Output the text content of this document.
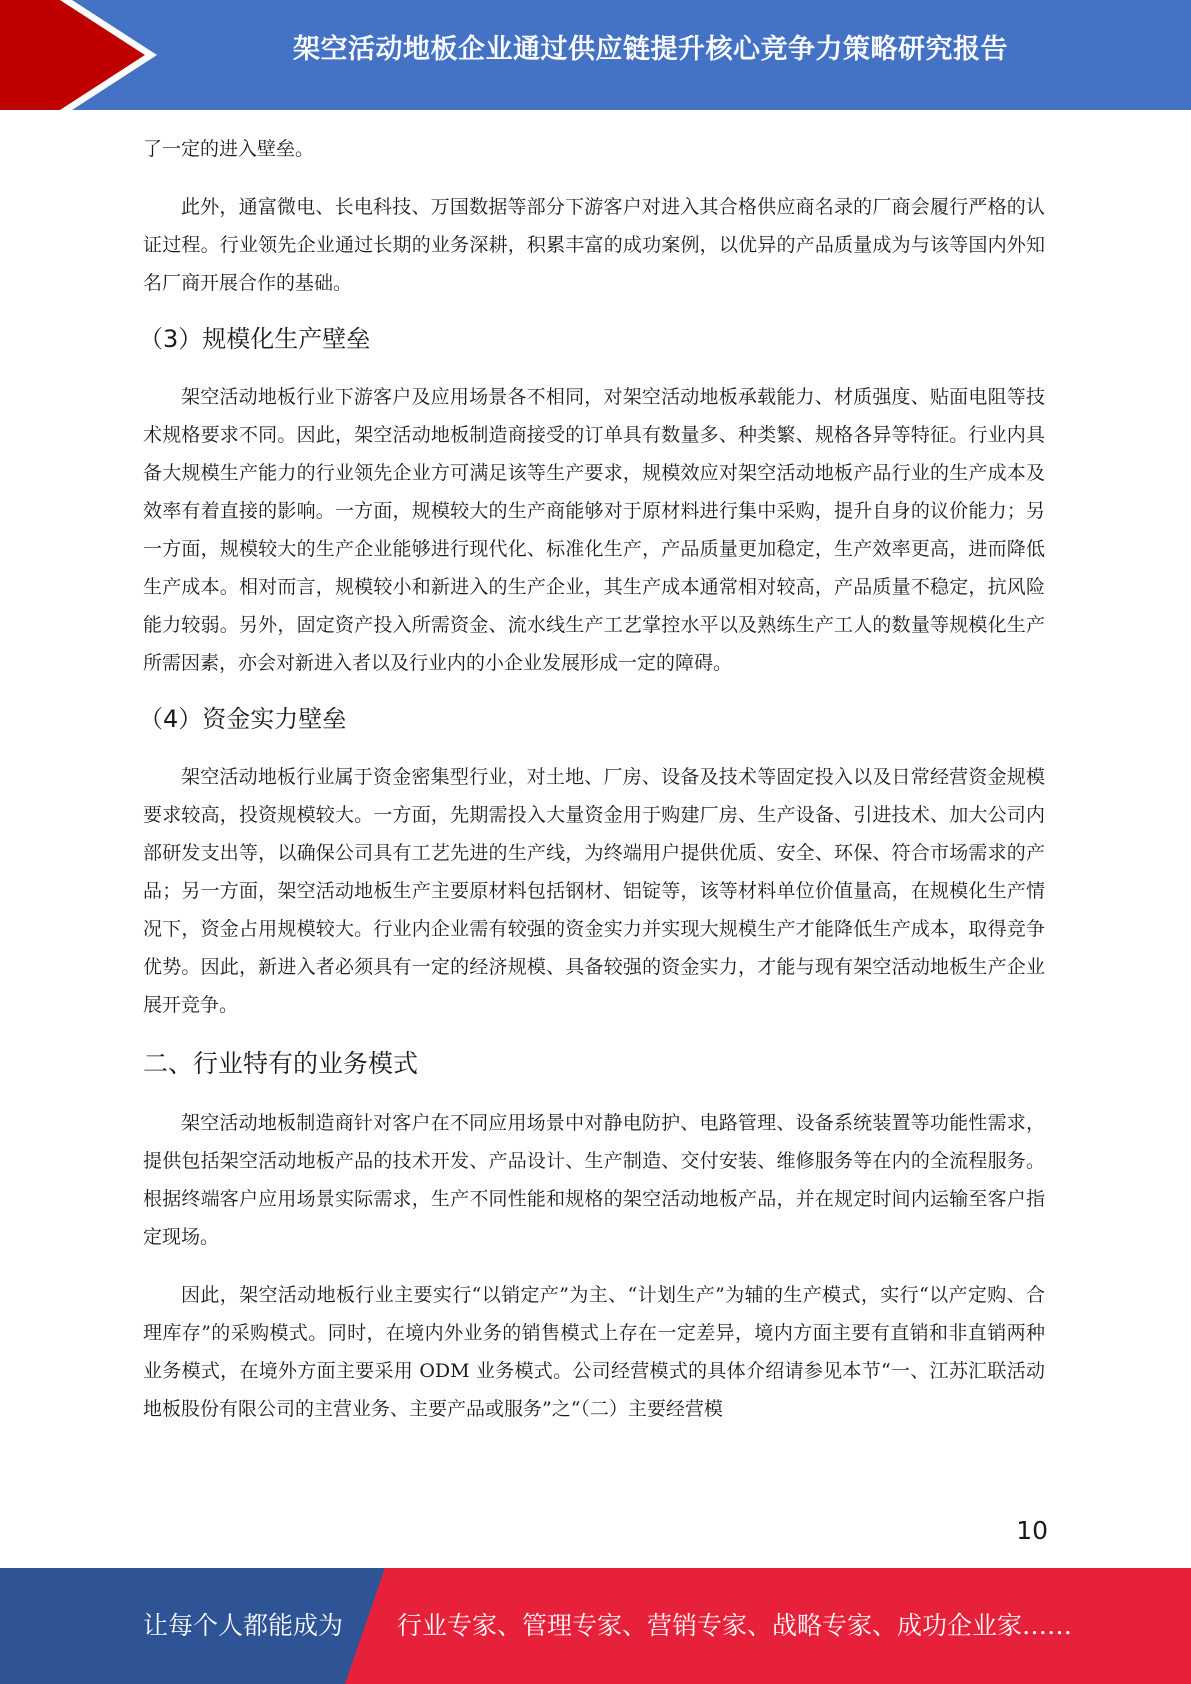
架空活动地板企业通过供应链提升核心竞争力策略研究报告

了一定的进入壁垒。

此外，通富微电、长电科技、万国数据等部分下游客户对进入其合格供应商名录的厂商会履行严格的认证过程。行业领先企业通过长期的业务深耕，积累丰富的成功案例，以优异的产品质量成为与该等国内外知名厂商开展合作的基础。

（3）规模化生产壁垒

架空活动地板行业下游客户及应用场景各不相同，对架空活动地板承载能力、材质强度、贴面电阻等技术规格要求不同。因此，架空活动地板制造商接受的订单具有数量多、种类繁、规格各异等特征。行业内具备大规模生产能力的行业领先企业方可满足该等生产要求，规模效应对架空活动地板产品行业的生产成本及效率有着直接的影响。一方面，规模较大的生产商能够对于原材料进行集中采购，提升自身的议价能力；另一方面，规模较大的生产企业能够进行现代化、标准化生产，产品质量更加稳定，生产效率更高，进而降低生产成本。相对而言，规模较小和新进入的生产企业，其生产成本通常相对较高，产品质量不稳定，抗风险能力较弱。另外，固定资产投入所需资金、流水线生产工艺掌控水平以及熟练生产工人的数量等规模化生产所需因素，亦会对新进入者以及行业内的小企业发展形成一定的障碍。

（4）资金实力壁垒

架空活动地板行业属于资金密集型行业，对土地、厂房、设备及技术等固定投入以及日常经营资金规模要求较高，投资规模较大。一方面，先期需投入大量资金用于购建厂房、生产设备、引进技术、加大公司内部研发支出等，以确保公司具有工艺先进的生产线，为终端用户提供优质、安全、环保、符合市场需求的产品；另一方面，架空活动地板生产主要原材料包括钢材、铝锭等，该等材料单位价值量高，在规模化生产情况下，资金占用规模较大。行业内企业需有较强的资金实力并实现大规模生产才能降低生产成本，取得竞争优势。因此，新进入者必须具有一定的经济规模、具备较强的资金实力，才能与现有架空活动地板生产企业展开竞争。

二、行业特有的业务模式

架空活动地板制造商针对客户在不同应用场景中对静电防护、电路管理、设备系统装置等功能性需求，提供包括架空活动地板产品的技术开发、产品设计、生产制造、交付安装、维修服务等在内的全流程服务。根据终端客户应用场景实际需求，生产不同性能和规格的架空活动地板产品，并在规定时间内运输至客户指定现场。

因此，架空活动地板行业主要实行“以销定产”为主、“计划生产”为辅的生产模式，实行“以产定购、合理库存”的采购模式。同时，在境内外业务的销售模式上存在一定差异，境内方面主要有直销和非直销两种业务模式，在境外方面主要采用 ODM 业务模式。公司经营模式的具体介绍请参见本节“一、江苏汇联活动地板股份有限公司的主营业务、主要产品或服务”之“（二）主要经营模

10
让每个人都能成为 行业专家、管理专家、营销专家、战略专家、成功企业家……
